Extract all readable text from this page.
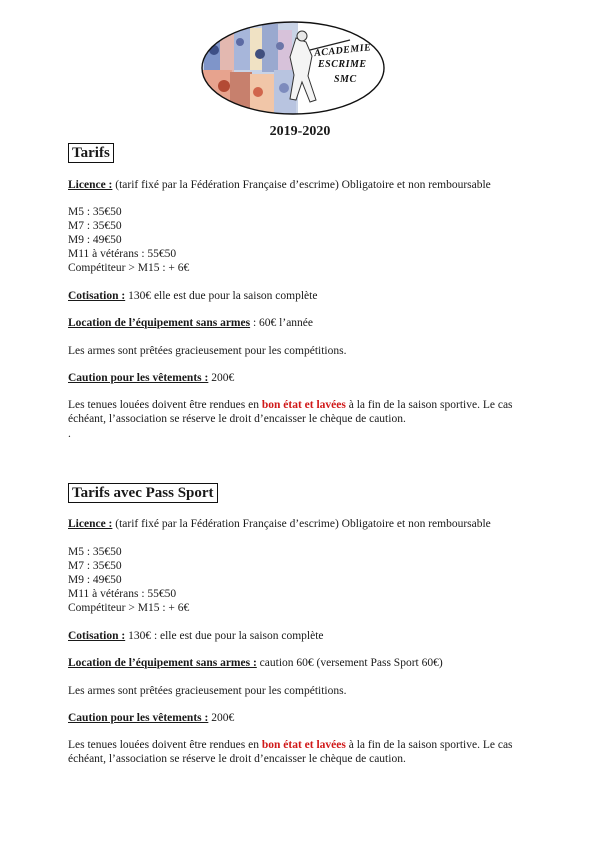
ACADEMIE
ESCRIME
SMC
2019-2020
Tarifs
Licence : (tarif fixé par la Fédération Française d’escrime) Obligatoire et non remboursable
M5 : 35€50
M7 : 35€50
M9 : 49€50
M11 à vétérans : 55€50
Compétiteur > M15 : + 6€
Cotisation : 130€ elle est due pour la saison complète
Location de l’équipement sans armes : 60€ l’année
Les armes sont prêtées gracieusement pour les compétitions.
Caution pour les vêtements : 200€
Les tenues louées doivent être rendues en bon état et lavées à la fin de la saison sportive. Le cas échéant, l’association se réserve le droit d’encaisser le chèque de caution.
.
Tarifs avec Pass Sport
Licence : (tarif fixé par la Fédération Française d’escrime) Obligatoire et non remboursable
M5 : 35€50
M7 : 35€50
M9 : 49€50
M11 à vétérans : 55€50
Compétiteur > M15 : + 6€
Cotisation : 130€ : elle est due pour la saison complète
Location de l’équipement sans armes : caution 60€ (versement Pass Sport 60€)
Les armes sont prêtées gracieusement pour les compétitions.
Caution pour les vêtements : 200€
Les tenues louées doivent être rendues en bon état et lavées à la fin de la saison sportive. Le cas échéant, l’association se réserve le droit d’encaisser le chèque de caution.
